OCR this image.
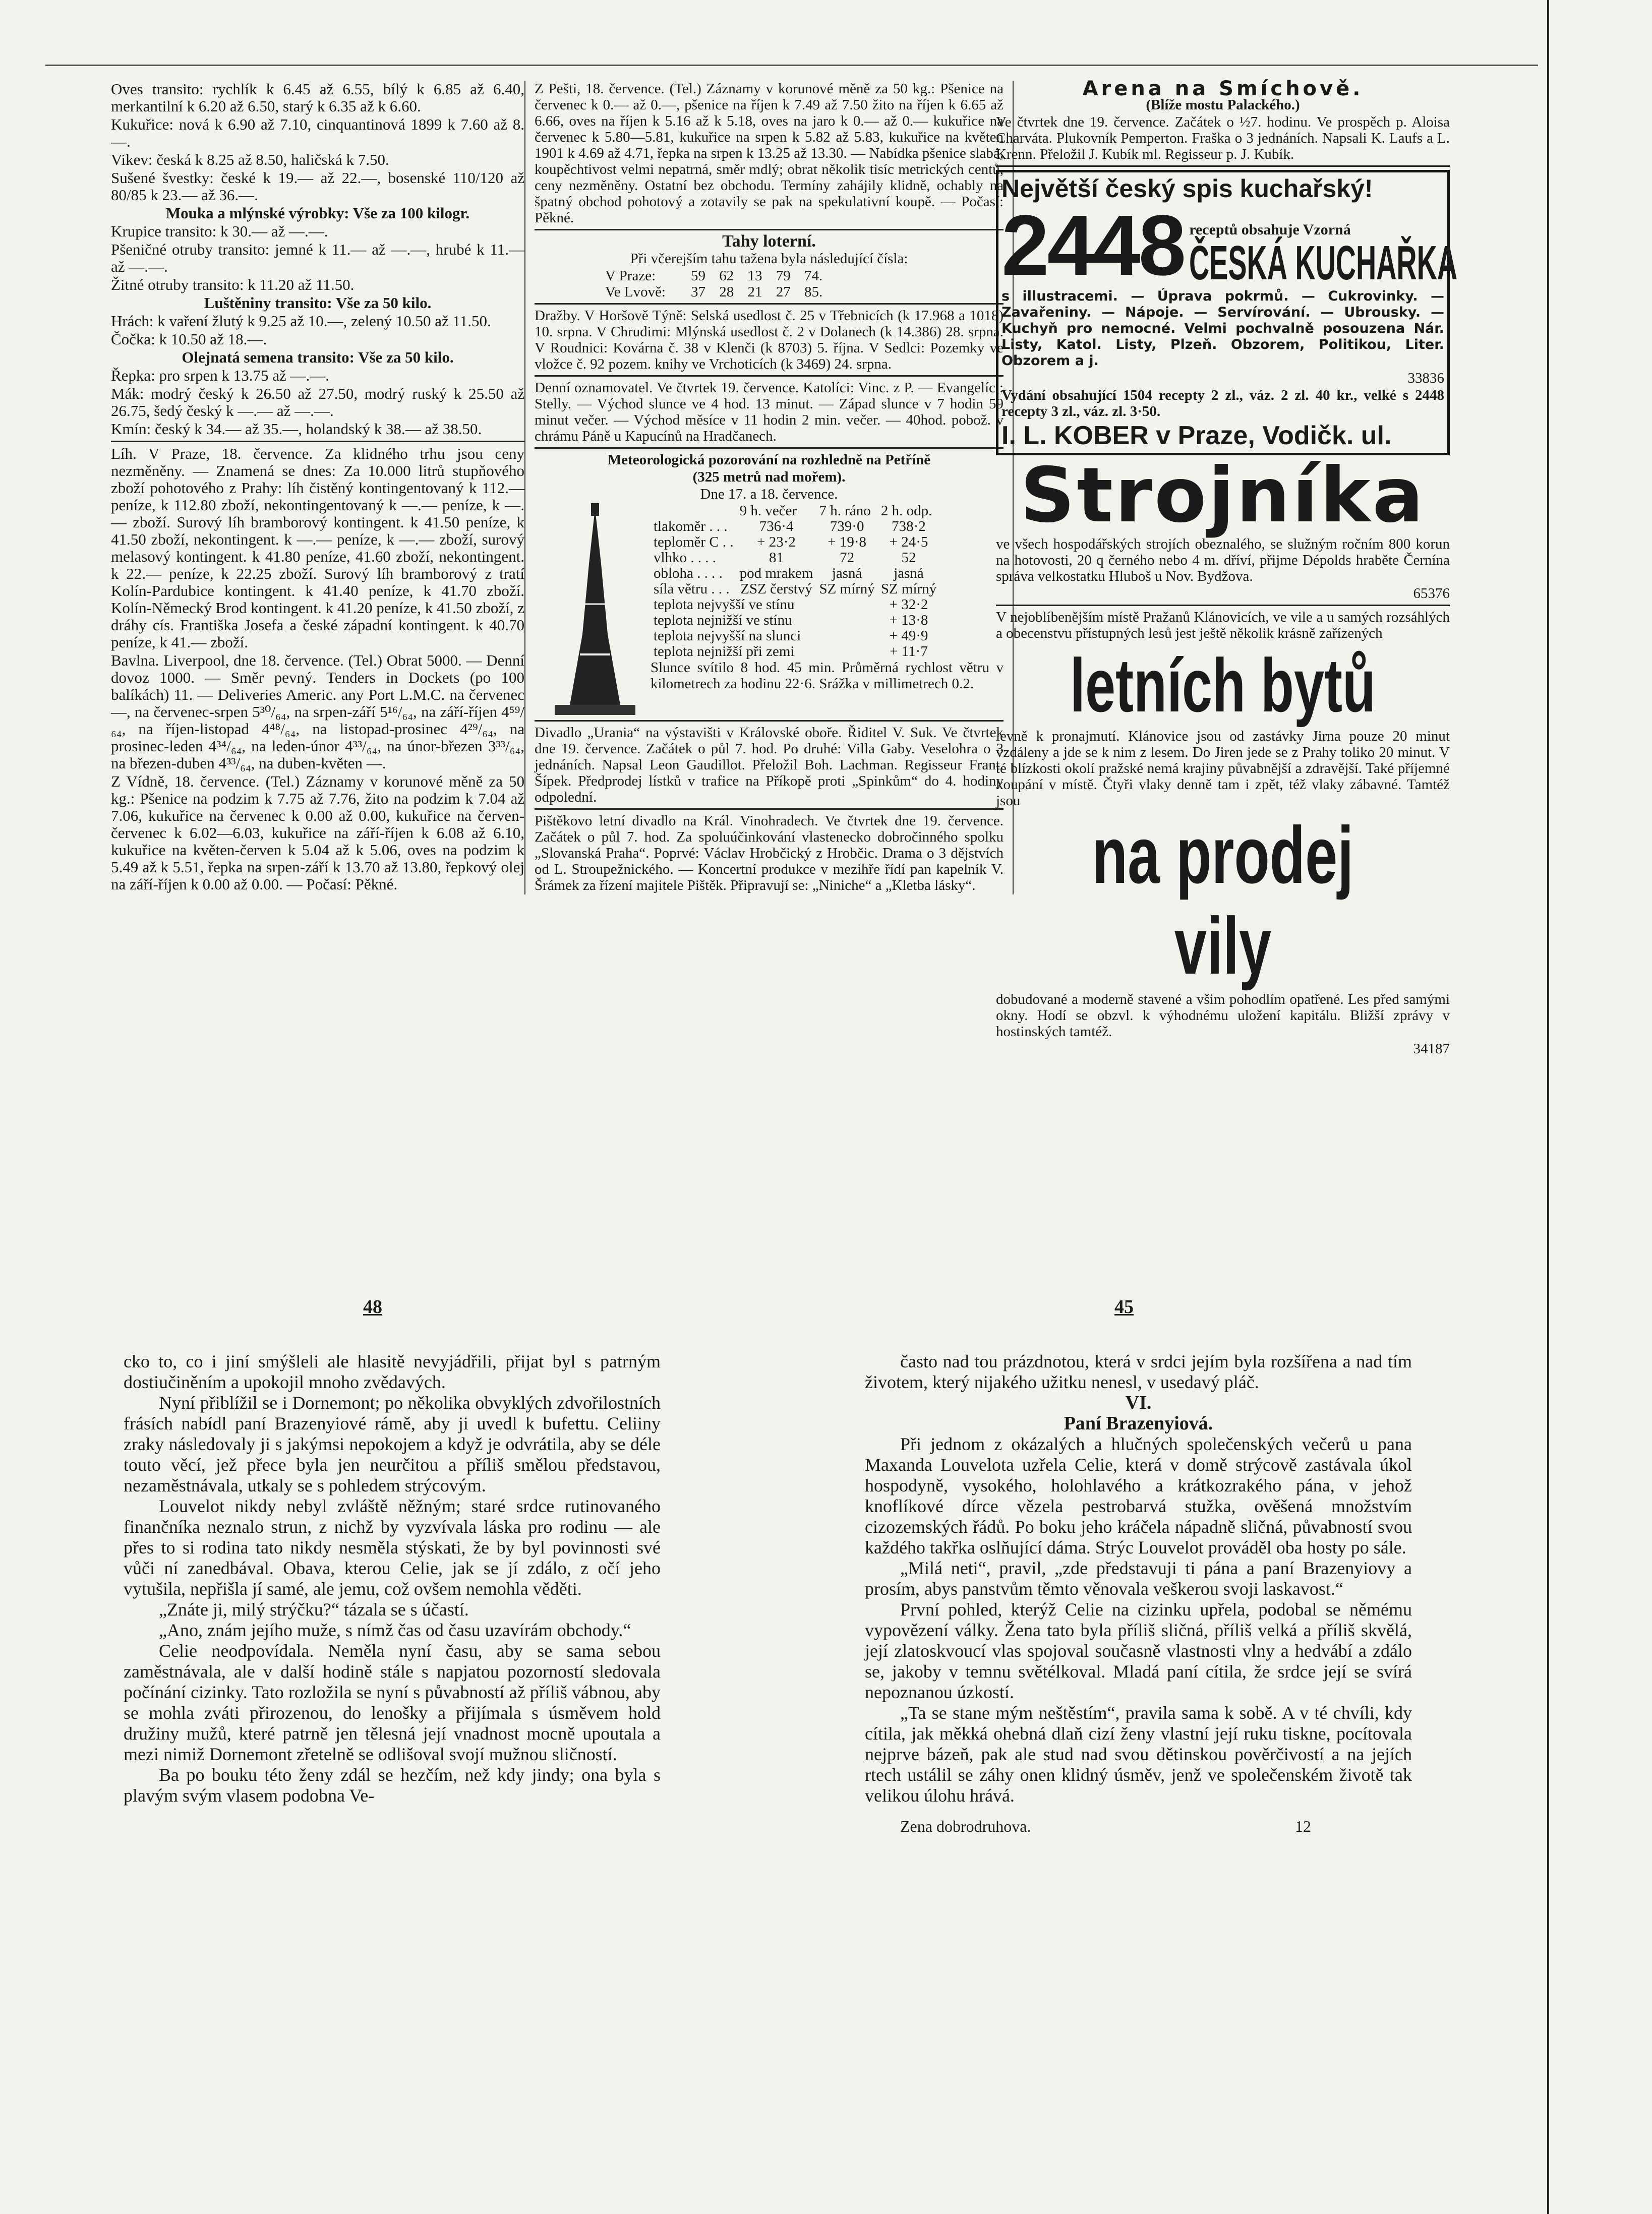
Oves transito: rychlík k 6.45 až 6.55, bílý k 6.85 až 6.40, merkantilní k 6.20 až 6.50, starý k 6.35 až k 6.60.

Kukuřice: nová k 6.90 až 7.10, cinquantinová 1899 k 7.60 až 8.—.

Vikev: česká k 8.25 až 8.50, haličská k 7.50.

Sušené švestky: české k 19.— až 22.—, bosenské 110/120 až 80/85 k 23.— až 36.—.

Mouka a mlýnské výrobky: Vše za 100 kilogr.

Krupice transito: k 30.— až —.—.

Pšeničné otruby transito: jemné k 11.— až —.—, hrubé k 11.— až —.—.

Žitné otruby transito: k 11.20 až 11.50.

Luštěniny transito: Vše za 50 kilo.

Hrách: k vaření žlutý k 9.25 až 10.—, zelený 10.50 až 11.50.

Čočka: k 10.50 až 18.—.

Olejnatá semena transito: Vše za 50 kilo.

Řepka: pro srpen k 13.75 až —.—.

Mák: modrý český k 26.50 až 27.50, modrý ruský k 25.50 až 26.75, šedý český k —.— až —.—.

Kmín: český k 34.— až 35.—, holandský k 38.— až 38.50.

Líh. V Praze, 18. července. Za klidného trhu jsou ceny nezměněny. — Znamená se dnes: Za 10.000 litrů stupňového zboží pohotového z Prahy: líh čistěný kontingentovaný k 112.— peníze, k 112.80 zboží, nekontingentovaný k —.— peníze, k —.— zboží. Surový líh bramborový kontingent. k 41.50 peníze, k 41.50 zboží, nekontingent. k —.— peníze, k —.— zboží, surový melasový kontingent. k 41.80 peníze, 41.60 zboží, nekontingent. k 22.— peníze, k 22.25 zboží. Surový líh bramborový z tratí Kolín-Pardubice kontingent. k 41.40 peníze, k 41.70 zboží. Kolín-Německý Brod kontingent. k 41.20 peníze, k 41.50 zboží, z dráhy cís. Františka Josefa a české západní kontingent. k 40.70 peníze, k 41.— zboží.

Bavlna. Liverpool, dne 18. července. (Tel.) Obrat 5000. — Denní dovoz 1000. — Směr pevný. Tenders in Dockets (po 100 balíkách) 11. — Deliveries Americ. any Port L.M.C. na červenec —, na červenec-srpen 5³⁰/₆₄, na srpen-září 5¹⁶/₆₄, na září-říjen 4⁵⁹/₆₄, na říjen-listopad 4⁴⁸/₆₄, na listopad-prosinec 4²⁹/₆₄, na prosinec-leden 4³⁴/₆₄, na leden-únor 4³³/₆₄, na únor-březen 3³³/₆₄, na březen-duben 4³³/₆₄, na duben-květen —.

Z Vídně, 18. července. (Tel.) Záznamy v korunové měně za 50 kg.: Pšenice na podzim k 7.75 až 7.76, žito na podzim k 7.04 až 7.06, kukuřice na červenec k 0.00 až 0.00, kukuřice na červen-červenec k 6.02—6.03, kukuřice na září-říjen k 6.08 až 6.10, kukuřice na květen-červen k 5.04 až k 5.06, oves na podzim k 5.49 až k 5.51, řepka na srpen-září k 13.70 až 13.80, řepkový olej na září-říjen k 0.00 až 0.00. — Počasí: Pěkné.

Z Pešti, 18. července. (Tel.) Záznamy v korunové měně za 50 kg.: Pšenice na červenec k 0.— až 0.—, pšenice na říjen k 7.49 až 7.50 žito na říjen k 6.65 až 6.66, oves na říjen k 5.16 až k 5.18, oves na jaro k 0.— až 0.— kukuřice na červenec k 5.80—5.81, kukuřice na srpen k 5.82 až 5.83, kukuřice na květen 1901 k 4.69 až 4.71, řepka na srpen k 13.25 až 13.30. — Nabídka pšenice slabá, koupěchtivost velmi nepatrná, směr mdlý; obrat několik tisíc metrických centů, ceny nezměněny. Ostatní bez obchodu. Termíny zahájily klidně, ochably na špatný obchod pohotový a zotavily se pak na spekulativní koupě. — Počasí: Pěkné.

Tahy loterní.

Při včerejším tahu tažena byla následující čísla:

V Praze:	59 62 13 79 74.
Ve Lvově:	37 28 21 27 85.

Dražby. V Horšově Týně: Selská usedlost č. 25 v Třebnicích (k 17.968 a 1018) 10. srpna. V Chrudimi: Mlýnská usedlost č. 2 v Dolanech (k 14.386) 28. srpna. V Roudnici: Kovárna č. 38 v Klenči (k 8703) 5. října. V Sedlci: Pozemky ve vložce č. 92 pozem. knihy ve Vrchoticích (k 3469) 24. srpna.

Denní oznamovatel. Ve čtvrtek 19. července. Katolíci: Vinc. z P. — Evangelíci: Stelly. — Východ slunce ve 4 hod. 13 minut. — Západ slunce v 7 hodin 59 minut večer. — Východ měsíce v 11 hodin 2 min. večer. — 40hod. pobož. v chrámu Páně u Kapucínů na Hradčanech.

Meteorologická pozorování na rozhledně na Petříně

(325 metrů nad mořem).

Dne 17. a 18. července.

	9 h. večer	7 h. ráno	2 h. odp.
tlakoměr . . .	736·4	739·0	738·2
teploměr C . .	+ 23·2	+ 19·8	+ 24·5
vlhko . . . .	81	72	52
obloha . . . .	pod mrakem	jasná	jasná
síla větru . . .	ZSZ čerstvý	SZ mírný	SZ mírný
teplota nejvyšší ve stínu			+ 32·2
teplota nejnižší ve stínu			+ 13·8
teplota nejvyšší na slunci			+ 49·9
teplota nejnižší při zemi			+ 11·7

Slunce svítilo 8 hod. 45 min. Průměrná rychlost větru v kilometrech za hodinu 22·6. Srážka v millimetrech 0.2.

Divadlo „Urania“ na výstavišti v Královské oboře. Řiditel V. Suk. Ve čtvrtek dne 19. července. Začátek o půl 7. hod. Po druhé: Villa Gaby. Veselohra o 3 jednáních. Napsal Leon Gaudillot. Přeložil Boh. Lachman. Regisseur Frant. Šípek. Předprodej lístků v trafice na Příkopě proti „Spinkům“ do 4. hodiny odpolední.

Pištěkovo letní divadlo na Král. Vinohradech. Ve čtvrtek dne 19. července. Začátek o půl 7. hod. Za spoluúčinkování vlastenecko dobročinného spolku „Slovanská Praha“. Poprvé: Václav Hrobčický z Hrobčic. Drama o 3 dějstvích od L. Stroupežnického. — Koncertní produkce v mezihře řídí pan kapelník V. Šrámek za řízení majitele Pištěk. Připravují se: „Niniche“ a „Kletba lásky“.

Arena na Smíchově.

(Blíže mostu Palackého.)

Ve čtvrtek dne 19. července. Začátek o ½7. hodinu. Ve prospěch p. Aloisa Charváta. Plukovník Pemperton. Fraška o 3 jednáních. Napsali K. Laufs a L. Krenn. Přeložil J. Kubík ml. Regisseur p. J. Kubík.

Největší český spis kuchařský!
2448 receptů obsahuje Vzorná
ČESKÁ KUCHAŘKA

s illustracemi. — Úprava pokrmů. — Cukrovinky. — Zavařeniny. — Nápoje. — Servírování. — Ubrousky. — Kuchyň pro nemocné. Velmi pochvalně posouzena Nár. Listy, Katol. Listy, Plzeň. Obzorem, Politikou, Liter. Obzorem a j.

33836

Vydání obsahující 1504 recepty 2 zl., váz. 2 zl. 40 kr., velké s 2448 recepty 3 zl., váz. zl. 3·50.

I. L. KOBER v Praze, Vodičk. ul.
Strojníka

ve všech hospodářských strojích obeznalého, se služným ročním 800 korun na hotovosti, 20 q černého nebo 4 m. dříví, přijme Dépolds hraběte Černína správa velkostatku Hluboš u Nov. Bydžova.

65376

V nejoblíbenějším místě Pražanů Klánovicích, ve vile a u samých rozsáhlých a obecenstvu přístupných lesů jest ještě několik krásně zařízených

letních bytů

levně k pronajmutí. Klánovice jsou od zastávky Jirna pouze 20 minut vzdáleny a jde se k nim z lesem. Do Jiren jede se z Prahy toliko 20 minut. V té blízkosti okolí pražské nemá krajiny půvabnější a zdravější. Také příjemné koupání v místě. Čtyři vlaky denně tam i zpět, též vlaky zábavné. Tamtéž jsou

na prodej vily

dobudované a moderně stavené a všim pohodlím opatřené. Les před samými okny. Hodí se obzvl. k výhodnému uložení kapitálu. Bližší zprávy v hostinských tamtéž.

34187

48	45

cko to, co i jiní smýšleli ale hlasitě nevyjádřili, přijat byl s patrným dostiučiněním a upokojil mnoho zvědavých.

Nyní přiblížil se i Dornemont; po několika obvyklých zdvořilostních frásích nabídl paní Brazenyiové rámě, aby ji uvedl k bufettu. Celiiny zraky následovaly ji s jakýmsi nepokojem a když je odvrátila, aby se déle touto věcí, jež přece byla jen neurčitou a příliš smělou představou, nezaměstnávala, utkaly se s pohledem strýcovým.

Louvelot nikdy nebyl zvláště něžným; staré srdce rutinovaného finančníka neznalo strun, z nichž by vyzvívala láska pro rodinu — ale přes to si rodina tato nikdy nesměla stýskati, že by byl povinnosti své vůči ní zanedbával. Obava, kterou Celie, jak se jí zdálo, z očí jeho vytušila, nepřišla jí samé, ale jemu, což ovšem nemohla věděti.

„Znáte ji, milý strýčku?“ tázala se s účastí.

„Ano, znám jejího muže, s nímž čas od času uzavírám obchody.“

Celie neodpovídala. Neměla nyní času, aby se sama sebou zaměstnávala, ale v další hodině stále s napjatou pozorností sledovala počínání cizinky. Tato rozložila se nyní s půvabností až příliš vábnou, aby se mohla zváti přirozenou, do lenošky a přijímala s úsměvem hold družiny mužů, které patrně jen tělesná její vnadnost mocně upoutala a mezi nimiž Dornemont zřetelně se odlišoval svojí mužnou sličností.

Ba po bouku této ženy zdál se hezčím, než kdy jindy; ona byla s plavým svým vlasem podobna Ve-

často nad tou prázdnotou, která v srdci jejím byla rozšířena a nad tím životem, který nijakého užitku nenesl, v usedavý pláč.

VI.

Paní Brazenyiová.

Při jednom z okázalých a hlučných společenských večerů u pana Maxanda Louvelota uzřela Celie, která v domě strýcově zastávala úkol hospodyně, vysokého, holohlavého a krátkozrakého pána, v jehož knoflíkové dírce vězela pestrobarvá stužka, ověšená množstvím cizozemských řádů. Po boku jeho kráčela nápadně sličná, půvabností svou každého takřka oslňující dáma. Strýc Louvelot prováděl oba hosty po sále.

„Milá neti“, pravil, „zde představuji ti pána a paní Brazenyiovy a prosím, abys panstvům těmto věnovala veškerou svoji laskavost.“

První pohled, kterýž Celie na cizinku upřela, podobal se němému vypovězení války. Žena tato byla příliš sličná, příliš velká a příliš skvělá, její zlatoskvoucí vlas spojoval současně vlastnosti vlny a hedvábí a zdálo se, jakoby v temnu světélkoval. Mladá paní cítila, že srdce její se svírá nepoznanou úzkostí.

„Ta se stane mým neštěstím“, pravila sama k sobě. A v té chvíli, kdy cítila, jak měkká ohebná dlaň cizí ženy vlastní její ruku tiskne, pocítovala nejprve bázeň, pak ale stud nad svou dětinskou pověrčivostí a na jejích rtech ustálil se záhy onen klidný úsměv, jenž ve společenském životě tak velikou úlohu hrává.

Zena dobrodruhova.	12
